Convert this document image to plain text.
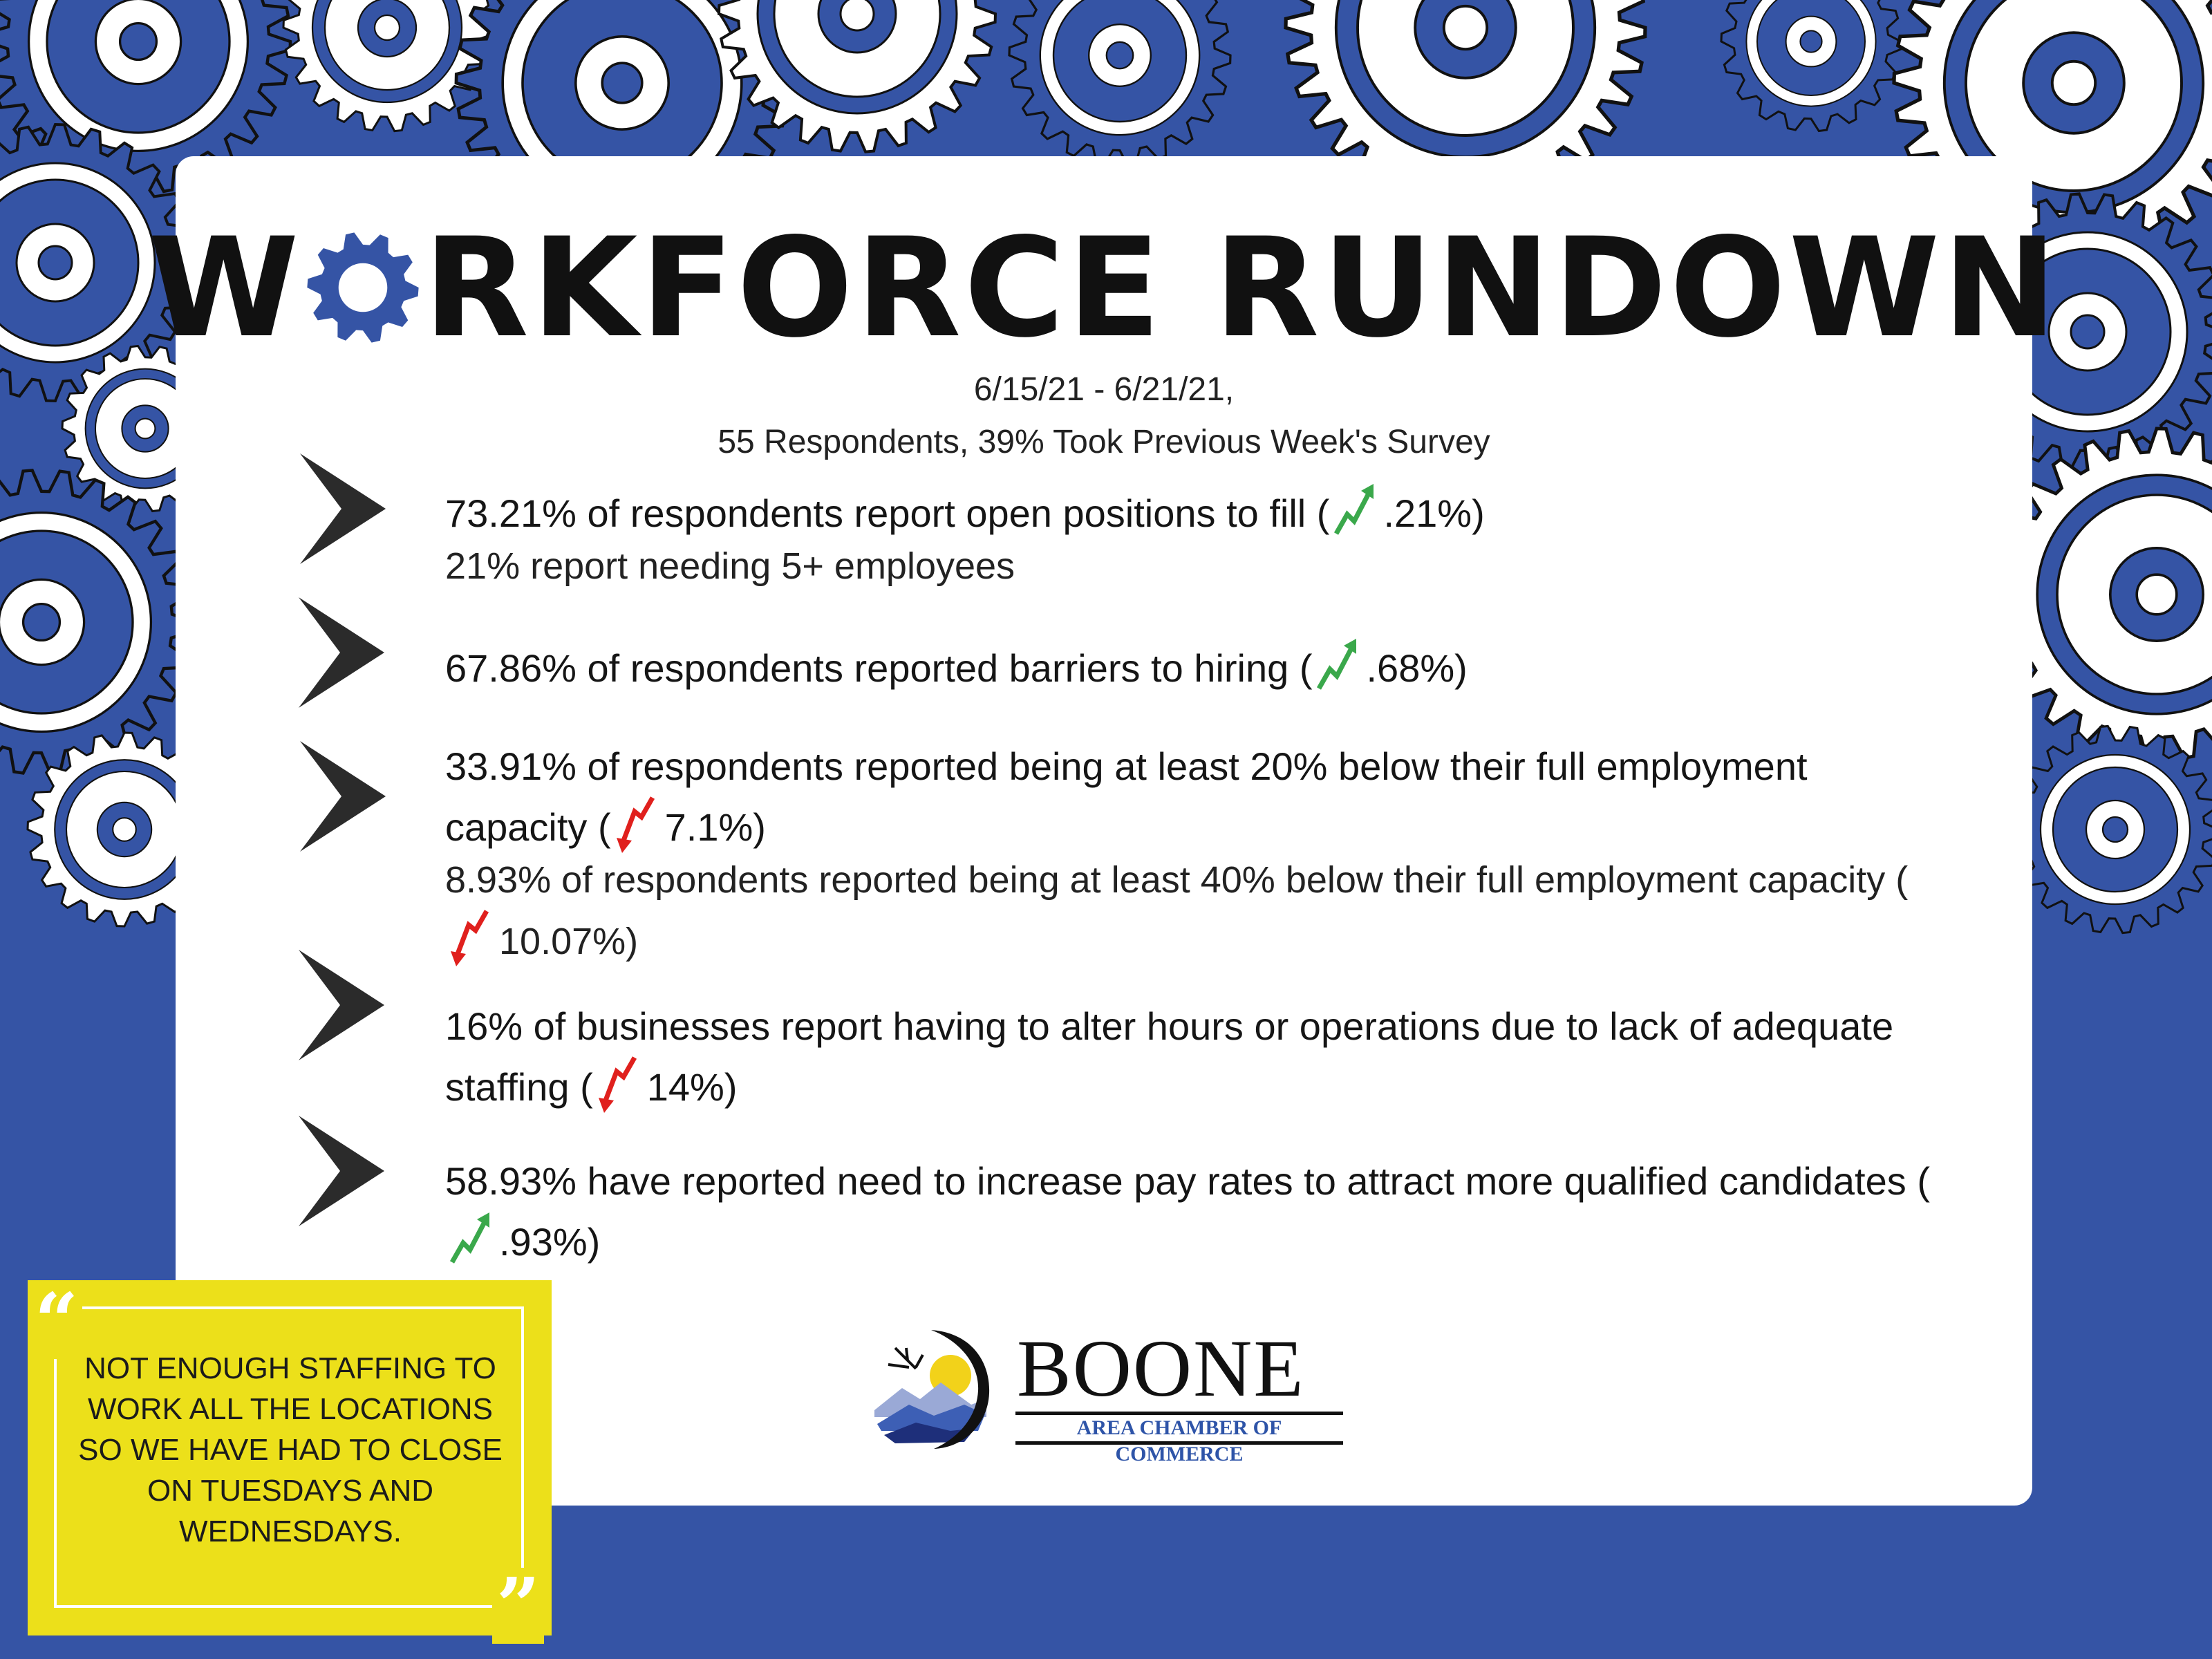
W RKFORCE RUNDOWN
6/15/21 - 6/21/21,
55 Respondents, 39% Took Previous Week's Survey
73.21% of respondents report open positions to fill ( .21%)
21% report needing 5+ employees
67.86% of respondents reported barriers to hiring ( .68%)
33.91% of respondents reported being at least 20% below their full employment capacity ( 7.1%)
8.93% of respondents reported being at least 40% below their full employment capacity (
10.07%)
16% of businesses report having to alter hours or operations due to lack of adequate staffing ( 14%)
58.93% have reported need to increase pay rates to attract more qualified candidates (
.93%)
BOONE
AREA CHAMBER OF COMMERCE
“
”
NOT ENOUGH STAFFING TO WORK ALL THE LOCATIONS SO WE HAVE HAD TO CLOSE ON TUESDAYS AND WEDNESDAYS.
